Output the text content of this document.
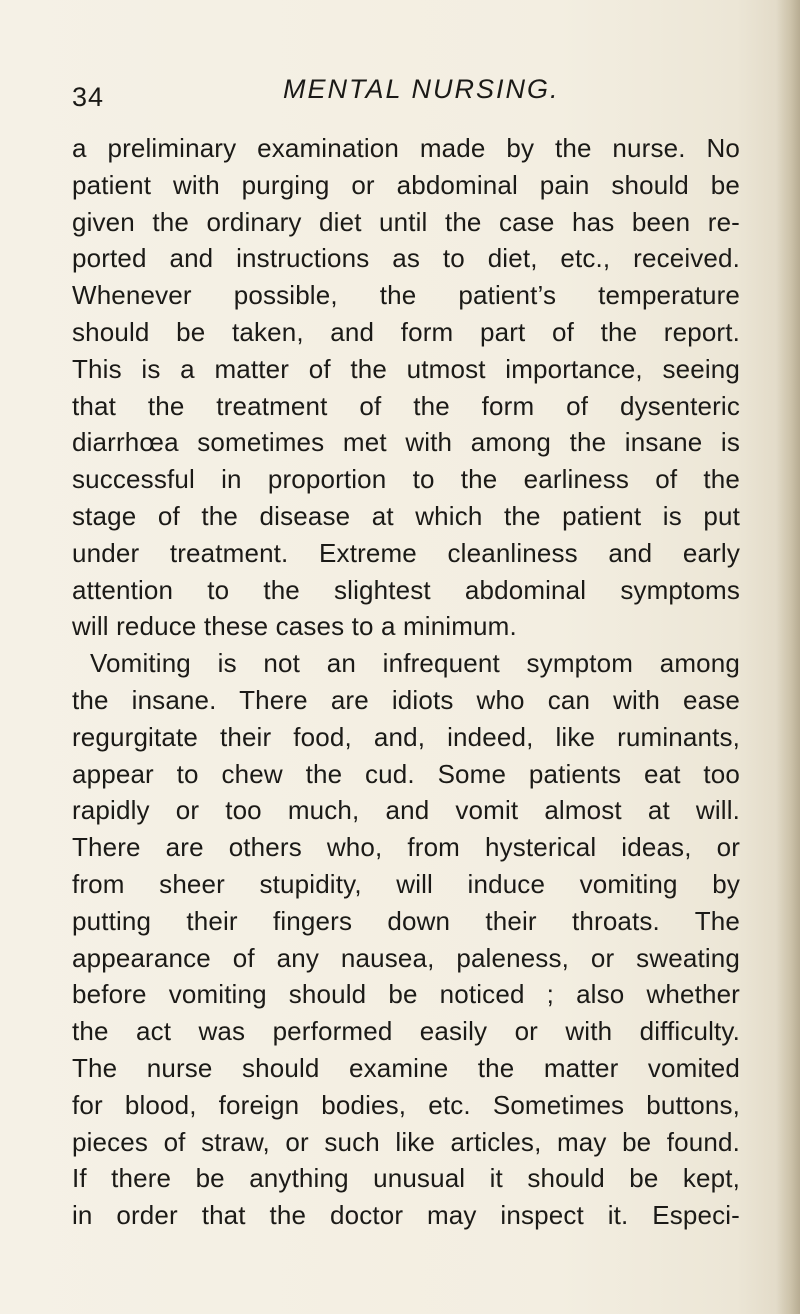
34	MENTAL NURSING.
a preliminary examination made by the nurse. No
patient with purging or abdominal pain should be
given the ordinary diet until the case has been re-
ported and instructions as to diet, etc., received.
Whenever possible, the patient’s temperature
should be taken, and form part of the report.
This is a matter of the utmost importance, seeing
that the treatment of the form of dysenteric
diarrhœa sometimes met with among the insane is
successful in proportion to the earliness of the
stage of the disease at which the patient is put
under treatment. Extreme cleanliness and early
attention to the slightest abdominal symptoms
will reduce these cases to a minimum.
Vomiting is not an infrequent symptom among
the insane. There are idiots who can with ease
regurgitate their food, and, indeed, like ruminants,
appear to chew the cud. Some patients eat too
rapidly or too much, and vomit almost at will.
There are others who, from hysterical ideas, or
from sheer stupidity, will induce vomiting by
putting their fingers down their throats. The
appearance of any nausea, paleness, or sweating
before vomiting should be noticed ; also whether
the act was performed easily or with difficulty.
The nurse should examine the matter vomited
for blood, foreign bodies, etc. Sometimes buttons,
pieces of straw, or such like articles, may be found.
If there be anything unusual it should be kept,
in order that the doctor may inspect it. Especi-
